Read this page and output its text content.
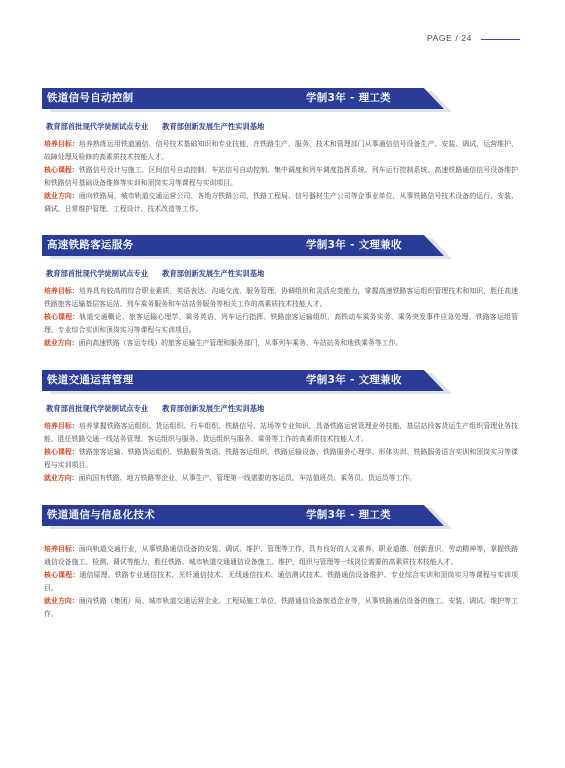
PAGE / 24
铁道信号自动控制	学制3年 - 理工类
教育部首批现代学徒制试点专业 教育部创新发展生产性实训基地

培养目标：培养熟练运用铁道通信、信号技术基础知识和专业技能，在铁路生产、服务、技术和管理部门从事通信信号设备生产、安装、调试、运营维护、故障处理及检修的高素质技术技能人才。

核心课程：铁路信号设计与施工、区间信号自动控制、车站信号自动控制、集中调度和列车调度指挥系统、列车运行控制系统、高速铁路通信信号设备维护和铁路信号基础设备维修等实训和顶岗实习等课程与实训项目。

就业方向：面向铁路局、城市轨道交通运营公司、各地方铁路公司、铁路工程局、信号器材生产公司等企事业单位，从事铁路信号技术设备的运行、安装、调试、日常维护管理、工程设计、技术改造等工作。

高速铁路客运服务	学制3年 - 文理兼收
教育部首批现代学徒制试点专业 教育部创新发展生产性实训基地

培养目标：培养具有较高的综合职业素质、英语表达、沟通交流、服务管理、协调组织和灵活应变能力，掌握高速铁路客运组织管理技术和知识，胜任高速铁路旅客运输基层客运站、列车乘务服务和车站站务服务等相关工作的高素质技术技能人才。

核心课程：轨道交通概论、旅客运输心理学、乘务英语、列车运行指挥、铁路旅客运输组织、高铁动车乘务实务、乘务突发事件应急处理、铁路客运组管理、专业综合实训和顶岗实习等课程与实训项目。

就业方向：面向高速铁路（客运专线）的旅客运输生产管理和服务部门，从事列车乘务、车站站务和地铁乘务等工作。

铁道交通运营管理	学制3年 - 文理兼收
教育部首批现代学徒制试点专业 教育部创新发展生产性实训基地

培养目标：培养掌握铁路客运组织、货运组织、行车组织、铁路信号、站场等专业知识，具备铁路运营管理业务技能，基层站段客货运生产组织管理业务技能，胜任铁路交通一线站务管理、客运组织与服务、货运组织与服务、乘务等工作的高素质技术技能人才。

核心课程：铁路旅客运输、铁路货运组织、铁路服务英语、铁路客运组织、铁路运输设备、铁路服务心理学、形体实训、铁路服务语言实训和顶岗实习等课程与实训项目。

就业方向：面向国有铁路、地方铁路等企业，从事生产、管理第一线需要的客运员、车站值班员、乘务员、货运员等工作。

铁道通信与信息化技术	学制3年 - 理工类

培养目标：面向轨道交通行业，从事铁路通信设备的安装、调试、维护、管理等工作，具有良好的人文素养、职业道德、创新意识、劳动精神等，掌握铁路通信设备施工、检测、调试等能力，胜任铁路、城市轨道交通通信设备施工、维护，组织与管理等一线岗位需要的高素质技术技能人才。

核心课程：通信原理、铁路专业通信技术、光纤通信技术、无线通信技术、通信测试技术、铁路通信设备维护、专业综合实训和顶岗实习等课程与实训项目。

就业方向：面向铁路（集团）局、城市轨道交通运营企业、工程局施工单位、铁路通信设备制造企业等，从事铁路通信设备的施工、安装、调试、维护等工作。
